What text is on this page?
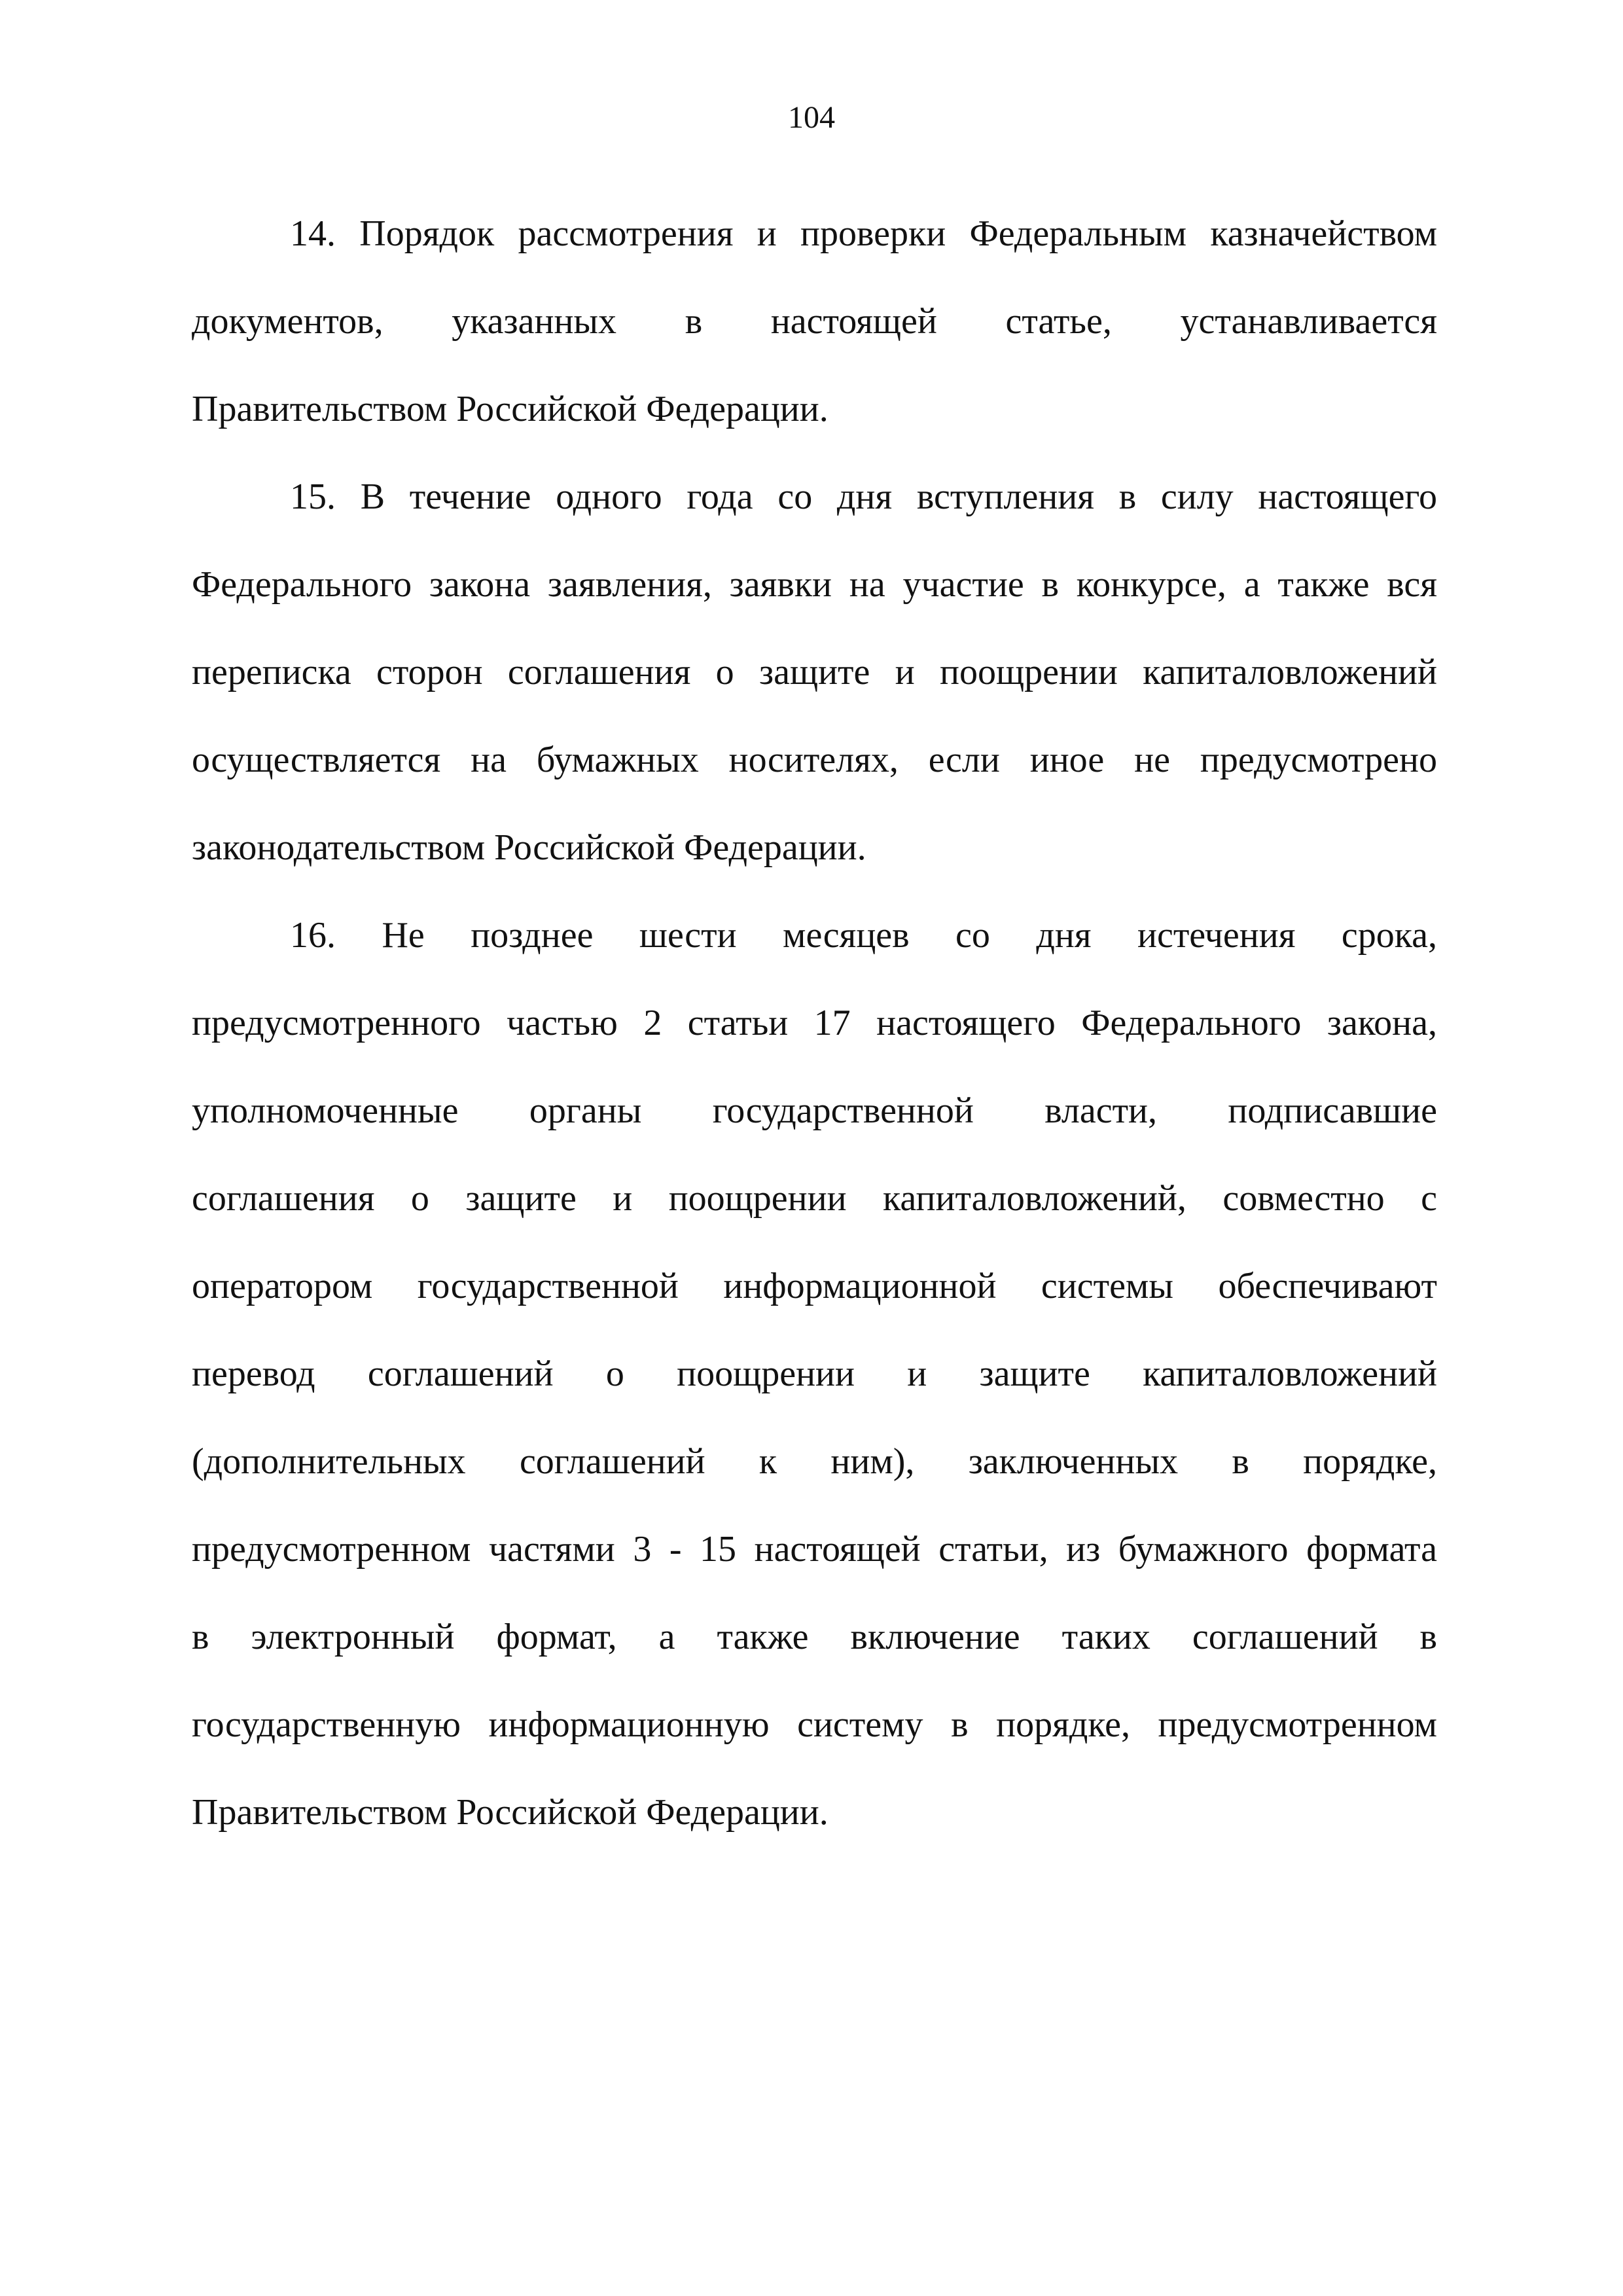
104
14. Порядок рассмотрения и проверки Федеральным казначейством
документов, указанных в настоящей статье, устанавливается
Правительством Российской Федерации.
15. В течение одного года со дня вступления в силу настоящего
Федерального закона заявления, заявки на участие в конкурсе, а также вся
переписка сторон соглашения о защите и поощрении капиталовложений
осуществляется на бумажных носителях, если иное не предусмотрено
законодательством Российской Федерации.
16. Не позднее шести месяцев со дня истечения срока,
предусмотренного частью 2 статьи 17 настоящего Федерального закона,
уполномоченные органы государственной власти, подписавшие
соглашения о защите и поощрении капиталовложений, совместно с
оператором государственной информационной системы обеспечивают
перевод соглашений о поощрении и защите капиталовложений
(дополнительных соглашений к ним), заключенных в порядке,
предусмотренном частями 3 - 15 настоящей статьи, из бумажного формата
в электронный формат, а также включение таких соглашений в
государственную информационную систему в порядке, предусмотренном
Правительством Российской Федерации.
